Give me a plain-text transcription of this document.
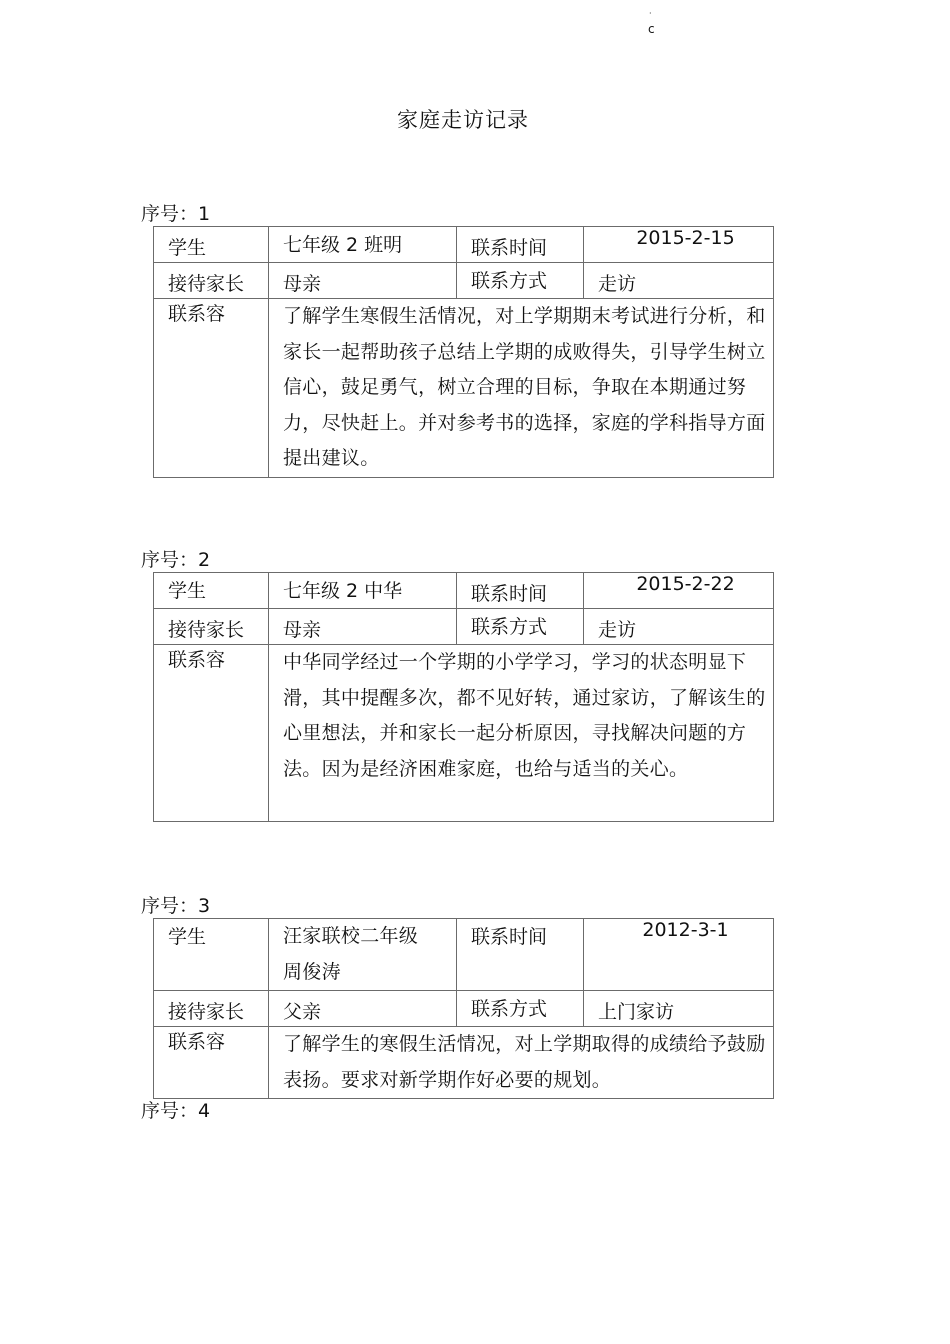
·
c
家庭走访记录
序号：1
学生	七年级 2 班明	联系时间	2015-2-15
接待家长	母亲	联系方式	走访
联系容	了解学生寒假生活情况，对上学期期末考试进行分析，和家长一起帮助孩子总结上学期的成败得失，引导学生树立信心，鼓足勇气，树立合理的目标，争取在本期通过努力，尽快赶上。并对参考书的选择，家庭的学科指导方面提出建议。		
序号：2
学生	七年级 2 中华	联系时间	2015-2-22
接待家长	母亲	联系方式	走访
联系容	中华同学经过一个学期的小学学习，学习的状态明显下滑，其中提醒多次，都不见好转，通过家访，了解该生的心里想法，并和家长一起分析原因，寻找解决问题的方法。因为是经济困难家庭，也给与适当的关心。		
序号：3
学生	汪家联校二年级周俊涛	联系时间	2012-3-1
接待家长	父亲	联系方式	上门家访
联系容	了解学生的寒假生活情况，对上学期取得的成绩给予鼓励表扬。要求对新学期作好必要的规划。		
序号：4
